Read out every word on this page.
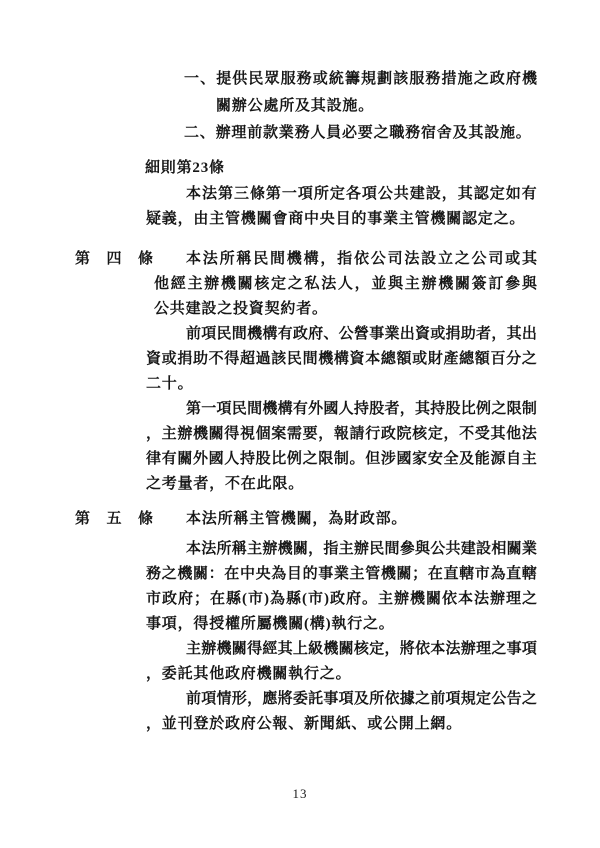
一 、 提 供 民 眾 服 務 或 統 籌 規 劃 該 服 務 措 施 之 政 府 機
關辦公處所及其設施。
二、辦理前款業務人員必要之職務宿舍及其設施。
細則第23條
本 法 第 三 條 第 一 項 所 定 各 項 公 共 建 設 ， 其 認 定 如 有
疑義，由主管機關會商中央目的事業主管機關認定之。
第 四 條 本 法 所 稱 民 間 機 構 ， 指 依 公 司 法 設 立 之 公 司 或 其
他 經 主 辦 機 關 核 定 之 私 法 人 ， 並 與 主 辦 機 關 簽 訂 參 與
公共建設之投資契約者。
前 項 民 間 機 構 有 政 府 、 公 營 事 業 出 資 或 捐 助 者 ， 其 出
資 或 捐 助 不 得 超 過 該 民 間 機 構 資 本 總 額 或 財 產 總 額 百 分 之
二十。
第 一 項 民 間 機 構 有 外 國 人 持 股 者 ， 其 持 股 比 例 之 限 制
， 主 辦 機 關 得 視 個 案 需 要 ， 報 請 行 政 院 核 定 ， 不 受 其 他 法
律 有 關 外 國 人 持 股 比 例 之 限 制 。 但 涉 國 家 安 全 及 能 源 自 主
之考量者，不在此限。
第 五 條 本法所稱主管機關，為財政部。
本 法 所 稱 主 辦 機 關 ， 指 主 辦 民 間 參 與 公 共 建 設 相 關 業
務 之 機 關 ： 在 中 央 為 目 的 事 業 主 管 機 關 ； 在 直 轄 市 為 直 轄
市 政 府 ； 在 縣 ( 市 ) 為 縣 ( 市 ) 政 府 。 主 辦 機 關 依 本 法 辦 理 之
事項，得授權所屬機關(構)執行之。
主 辦 機 關 得 經 其 上 級 機 關 核 定 ， 將 依 本 法 辦 理 之 事 項
，委託其他政府機關執行之。
前 項 情 形 ， 應 將 委 託 事 項 及 所 依 據 之 前 項 規 定 公 告 之
，並刊登於政府公報、新聞紙、或公開上網。
13
